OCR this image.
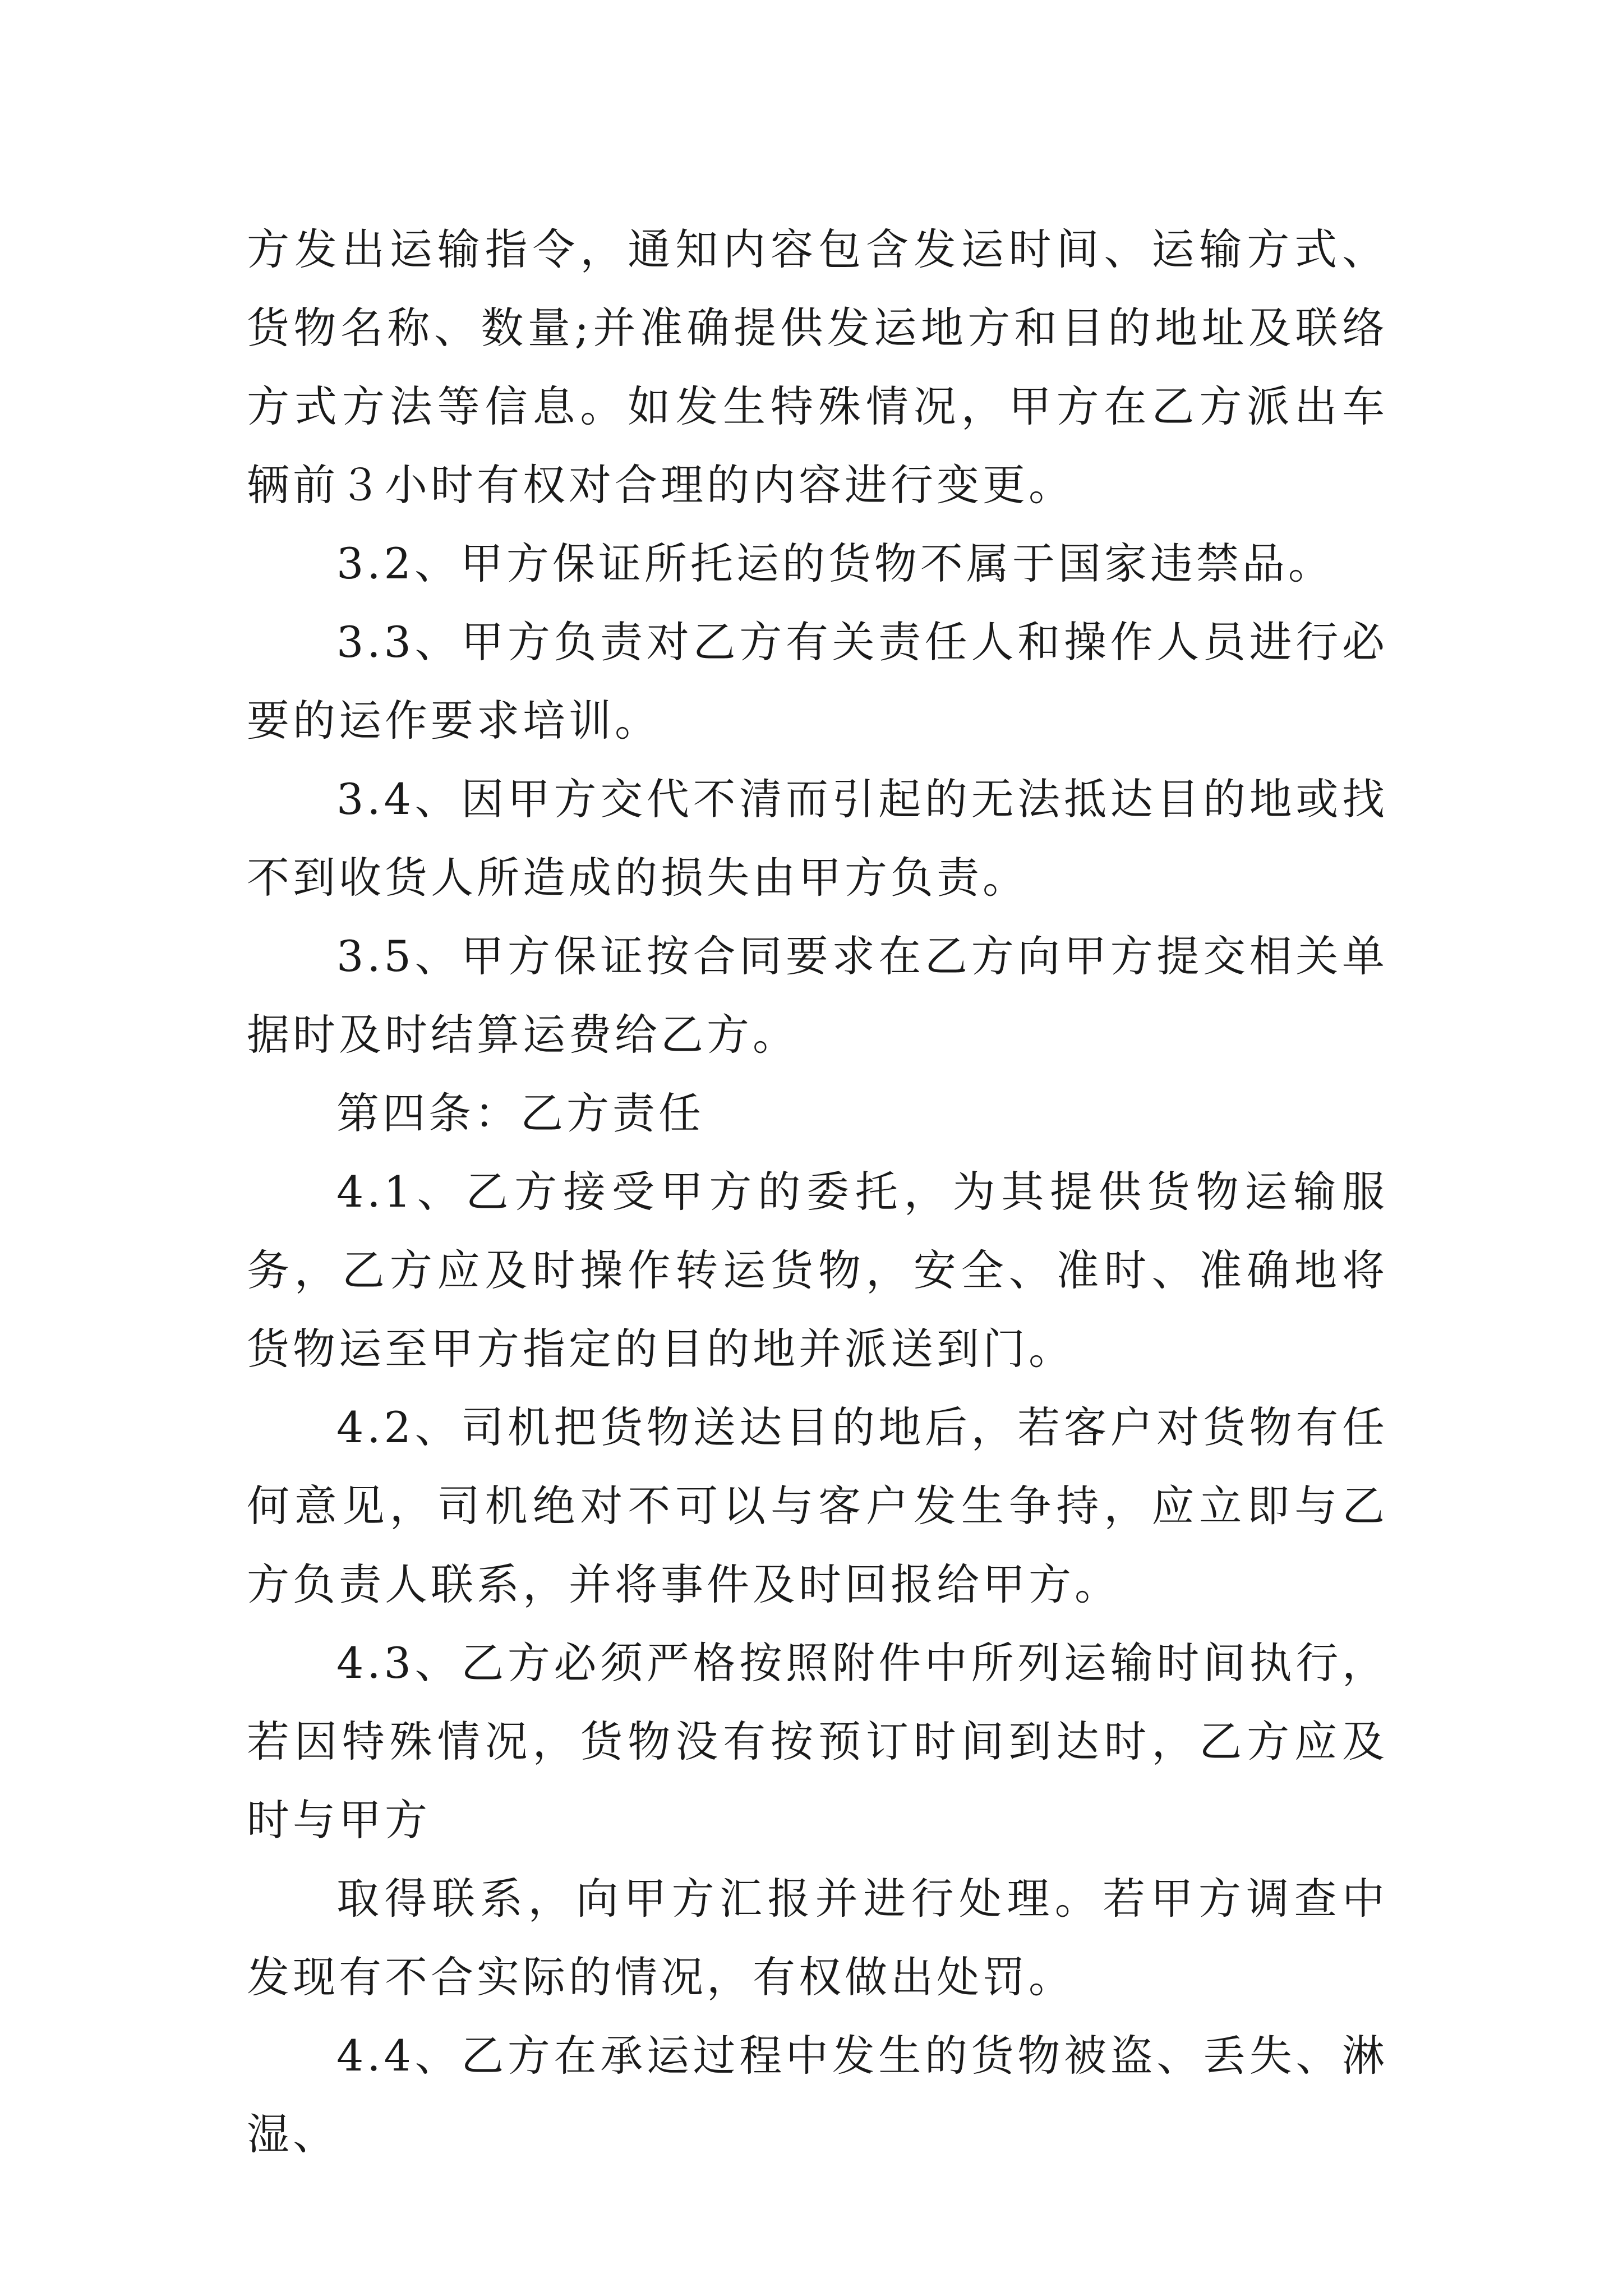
方发出运输指令，通知内容包含发运时间、运输方式、货物名称、数量;并准确提供发运地方和目的地址及联络方式方法等信息。如发生特殊情况，甲方在乙方派出车辆前３小时有权对合理的内容进行变更。

3.2、甲方保证所托运的货物不属于国家违禁品。

3.3、甲方负责对乙方有关责任人和操作人员进行必要的运作要求培训。

3.4、因甲方交代不清而引起的无法抵达目的地或找不到收货人所造成的损失由甲方负责。

3.5、甲方保证按合同要求在乙方向甲方提交相关单据时及时结算运费给乙方。

第四条：乙方责任

4.1、乙方接受甲方的委托，为其提供货物运输服务，乙方应及时操作转运货物，安全、准时、准确地将货物运至甲方指定的目的地并派送到门。

4.2、司机把货物送达目的地后，若客户对货物有任何意见，司机绝对不可以与客户发生争持，应立即与乙方负责人联系，并将事件及时回报给甲方。

4.3、乙方必须严格按照附件中所列运输时间执行，若因特殊情况，货物没有按预订时间到达时，乙方应及时与甲方

取得联系，向甲方汇报并进行处理。若甲方调查中发现有不合实际的情况，有权做出处罚。

4.4、乙方在承运过程中发生的货物被盗、丢失、淋湿、
